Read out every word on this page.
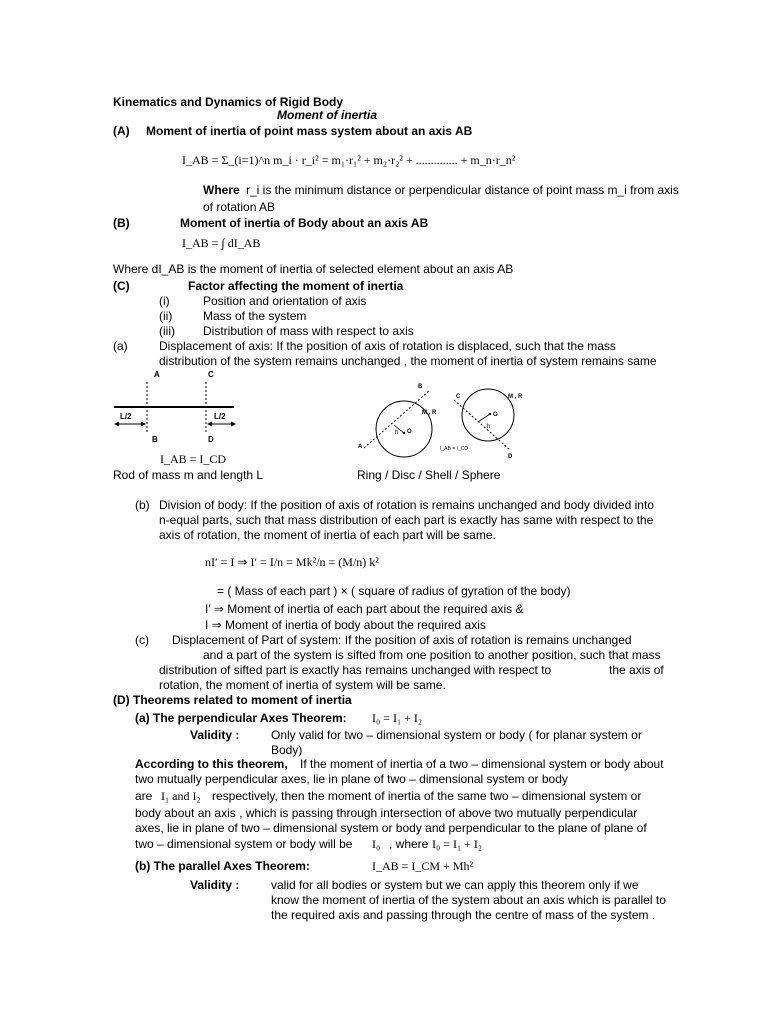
Kinematics and Dynamics of Rigid Body
Moment of inertia
(A) Moment of inertia of point mass system about an axis AB
I_AB = Σ_(i=1)^n m_i · r_i² = m₁·r₁² + m₂·r₂² + .............. + m_n·r_n²
Where r_i is the minimum distance or perpendicular distance of point mass m_i from axis
of rotation AB
(B)	Moment of inertia of Body about an axis AB
I_AB = ∫ dI_AB
Where dI_AB is the moment of inertia of selected element about an axis AB
(C)	Factor affecting the moment of inertia
(i)	Position and orientation of axis
(ii)	Mass of the system
(iii) Distribution of mass with respect to axis
(a)	Displacement of axis: If the position of axis of rotation is displaced, such that the mass
distribution of the system remains unchanged , the moment of inertia of system remains same
A	C
L/2	L/2
B	D
I_AB = I_CD
Rod of mass m and length L
B
A
C
D
M , R
M , R
O
O
h
h
I_AB = I_CD
Ring / Disc / Shell / Sphere
(b) Division of body: If the position of axis of rotation is remains unchanged and body divided into
n-equal parts, such that mass distribution of each part is exactly has same with respect to the
axis of rotation, the moment of inertia of each part will be same.
nI′ = I ⇒ I′ = I/n = Mk²/n = (M/n) k²
= ( Mass of each part ) × ( square of radius of gyration of the body)
I′ ⇒ Moment of inertia of each part about the required axis &
I ⇒ Moment of inertia of body about the required axis
(c) Displacement of Part of system: If the position of axis of rotation is remains unchanged
and a part of the system is sifted from one position to another position, such that mass
distribution of sifted part is exactly has remains unchanged with respect to	the axis of
rotation, the moment of inertia of system will be same.
(D) Theorems related to moment of inertia
(a) The perpendicular Axes Theorem: I₀ = I₁ + I₂
Validity :	Only valid for two – dimensional system or body ( for planar system or
Body)
According to this theorem, If the moment of inertia of a two – dimensional system or body about
two mutually perpendicular axes, lie in plane of two – dimensional system or body
are I₁ and I₂ respectively, then the moment of inertia of the same two – dimensional system or
body about an axis , which is passing through intersection of above two mutually perpendicular
axes, lie in plane of two – dimensional system or body and perpendicular to the plane of plane of
two – dimensional system or body will be I₀ , where I₀ = I₁ + I₂
(b) The parallel Axes Theorem:	I_AB = I_CM + Mh²
Validity :	valid for all bodies or system but we can apply this theorem only if we
know the moment of inertia of the system about an axis which is parallel to
the required axis and passing through the centre of mass of the system .
